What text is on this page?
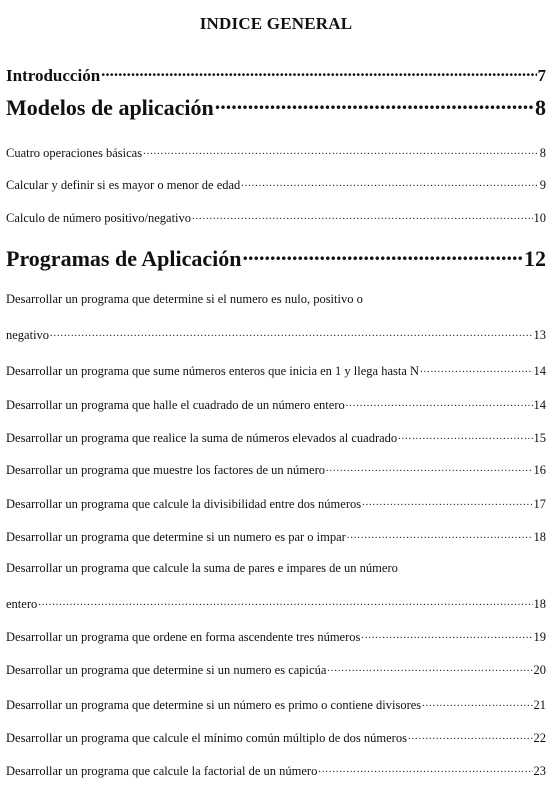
INDICE GENERAL
Introducción .....	7
Modelos de aplicación .....	8
Cuatro operaciones básicas .....	8
Calcular y definir si es mayor o menor de edad .....	9
Calculo de número positivo/negativo .....	10
Programas de Aplicación .....	12
Desarrollar un programa que determine si el numero es nulo, positivo o
negativo .....	13
Desarrollar un programa que sume números enteros que inicia en 1 y llega hasta N .....	14
Desarrollar un programa que halle el cuadrado de un número entero .....	14
Desarrollar un programa que realice la suma de números elevados al cuadrado .....	15
Desarrollar un programa que muestre los factores de un número .....	16
Desarrollar un programa que calcule la divisibilidad entre dos números .....	17
Desarrollar un programa que determine si un numero es par o impar .....	18
Desarrollar un programa que calcule la suma de pares e impares de un número
entero .....	18
Desarrollar un programa que ordene en forma ascendente tres números .....	19
Desarrollar un programa que determine si un numero es capicúa .....	20
Desarrollar un programa que determine si un número es primo o contiene divisores .....	21
Desarrollar un programa que calcule el mínimo común múltiplo de dos números .....	22
Desarrollar un programa que calcule la factorial de un número .....	23
